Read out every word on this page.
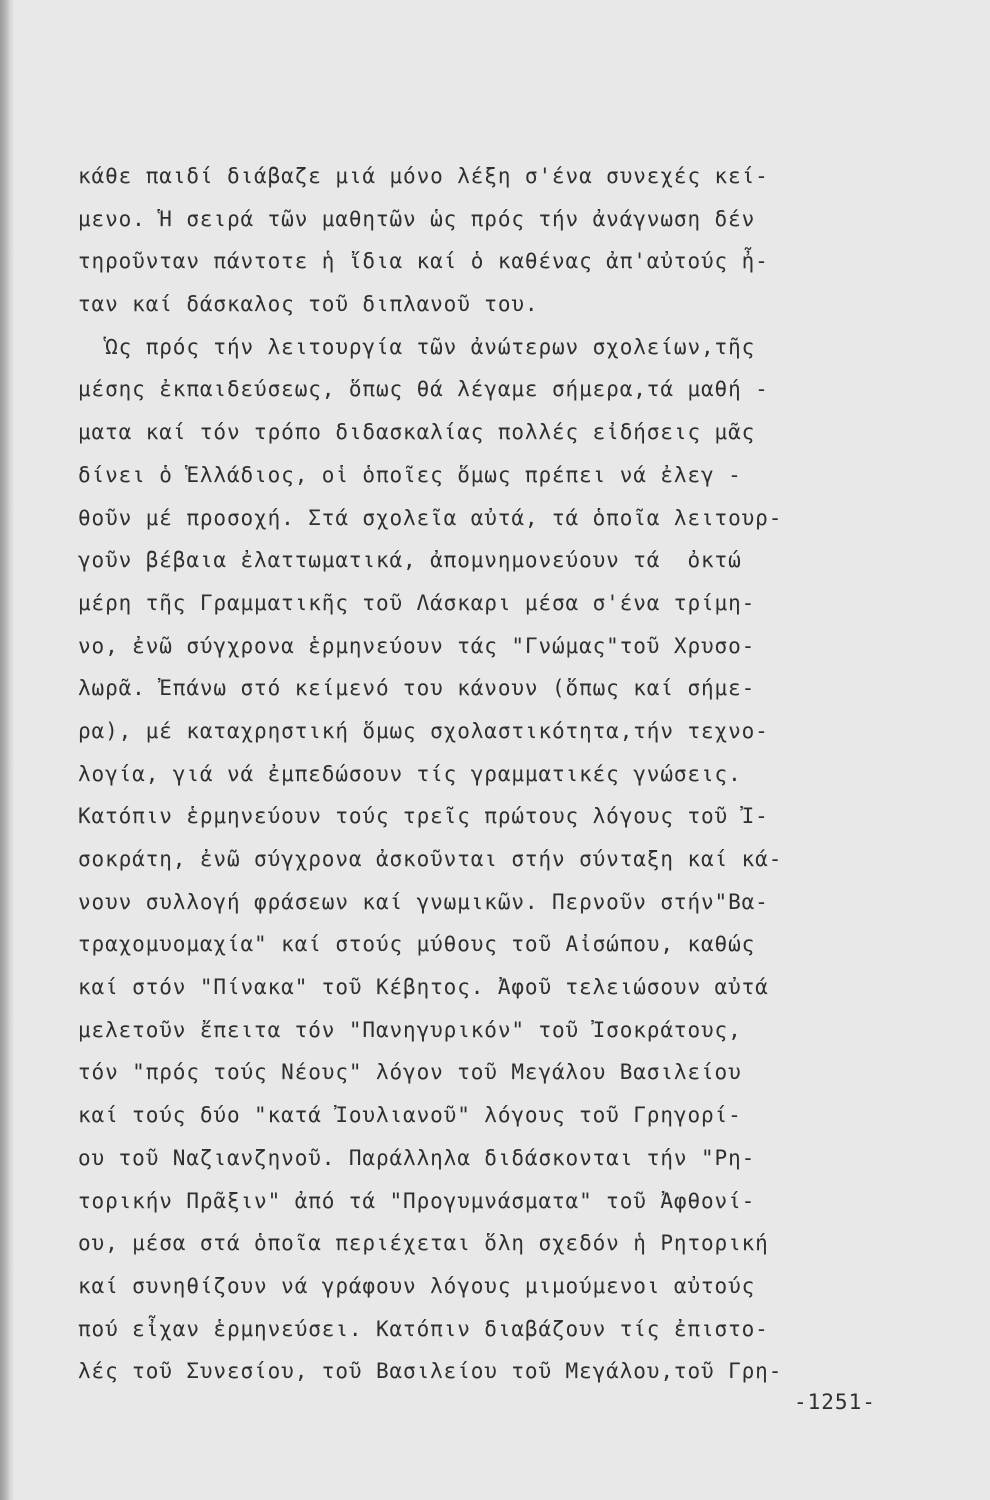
κάθε παιδί διάβαζε μιά μόνο λέξη σ'ένα συνεχές κεί-
μενο. Ἡ σειρά τῶν μαθητῶν ὡς πρός τήν ἀνάγνωση δέν
τηροῦνταν πάντοτε ἡ ἴδια καί ὁ καθένας ἀπ'αὐτούς ἦ-
ταν καί δάσκαλος τοῦ διπλανοῦ του.
Ὡς πρός τήν λειτουργία τῶν ἀνώτερων σχολείων,τῆς
μέσης ἐκπαιδεύσεως, ὅπως θά λέγαμε σήμερα,τά μαθή -
ματα καί τόν τρόπο διδασκαλίας πολλές εἰδήσεις μᾶς
δίνει ὁ Ἑλλάδιος, οἱ ὁποῖες ὅμως πρέπει νά ἐλεγ -
θοῦν μέ προσοχή. Στά σχολεῖα αὐτά, τά ὁποῖα λειτουρ-
γοῦν βέβαια ἐλαττωματικά, ἀπομνημονεύουν τά  ὀκτώ
μέρη τῆς Γραμματικῆς τοῦ Λάσκαρι μέσα σ'ένα τρίμη-
νο, ἐνῶ σύγχρονα ἑρμηνεύουν τάς "Γνώμας"τοῦ Χρυσο-
λωρᾶ. Ἐπάνω στό κείμενό του κάνουν (ὅπως καί σήμε-
ρα), μέ καταχρηστική ὅμως σχολαστικότητα,τήν τεχνο-
λογία, γιά νά ἐμπεδώσουν τίς γραμματικές γνώσεις.
Κατόπιν ἑρμηνεύουν τούς τρεῖς πρώτους λόγους τοῦ Ἰ-
σοκράτη, ἐνῶ σύγχρονα ἀσκοῦνται στήν σύνταξη καί κά-
νουν συλλογή φράσεων καί γνωμικῶν. Περνοῦν στήν"Βα-
τραχομυομαχία" καί στούς μύθους τοῦ Αἰσώπου, καθώς
καί στόν "Πίνακα" τοῦ Κέβητος. Ἀφοῦ τελειώσουν αὐτά
μελετοῦν ἔπειτα τόν "Πανηγυρικόν" τοῦ Ἰσοκράτους,
τόν "πρός τούς Νέους" λόγον τοῦ Μεγάλου Βασιλείου
καί τούς δύο "κατά Ἰουλιανοῦ" λόγους τοῦ Γρηγορί-
ου τοῦ Ναζιανζηνοῦ. Παράλληλα διδάσκονται τήν "Ρη-
τορικήν Πρᾶξιν" ἀπό τά "Προγυμνάσματα" τοῦ Ἀφθονί-
ου, μέσα στά ὁποῖα περιέχεται ὅλη σχεδόν ἡ Ρητορική
καί συνηθίζουν νά γράφουν λόγους μιμούμενοι αὐτούς
πού εἶχαν ἑρμηνεύσει. Κατόπιν διαβάζουν τίς ἐπιστο-
λές τοῦ Συνεσίου, τοῦ Βασιλείου τοῦ Μεγάλου,τοῦ Γρη-
-1251-
